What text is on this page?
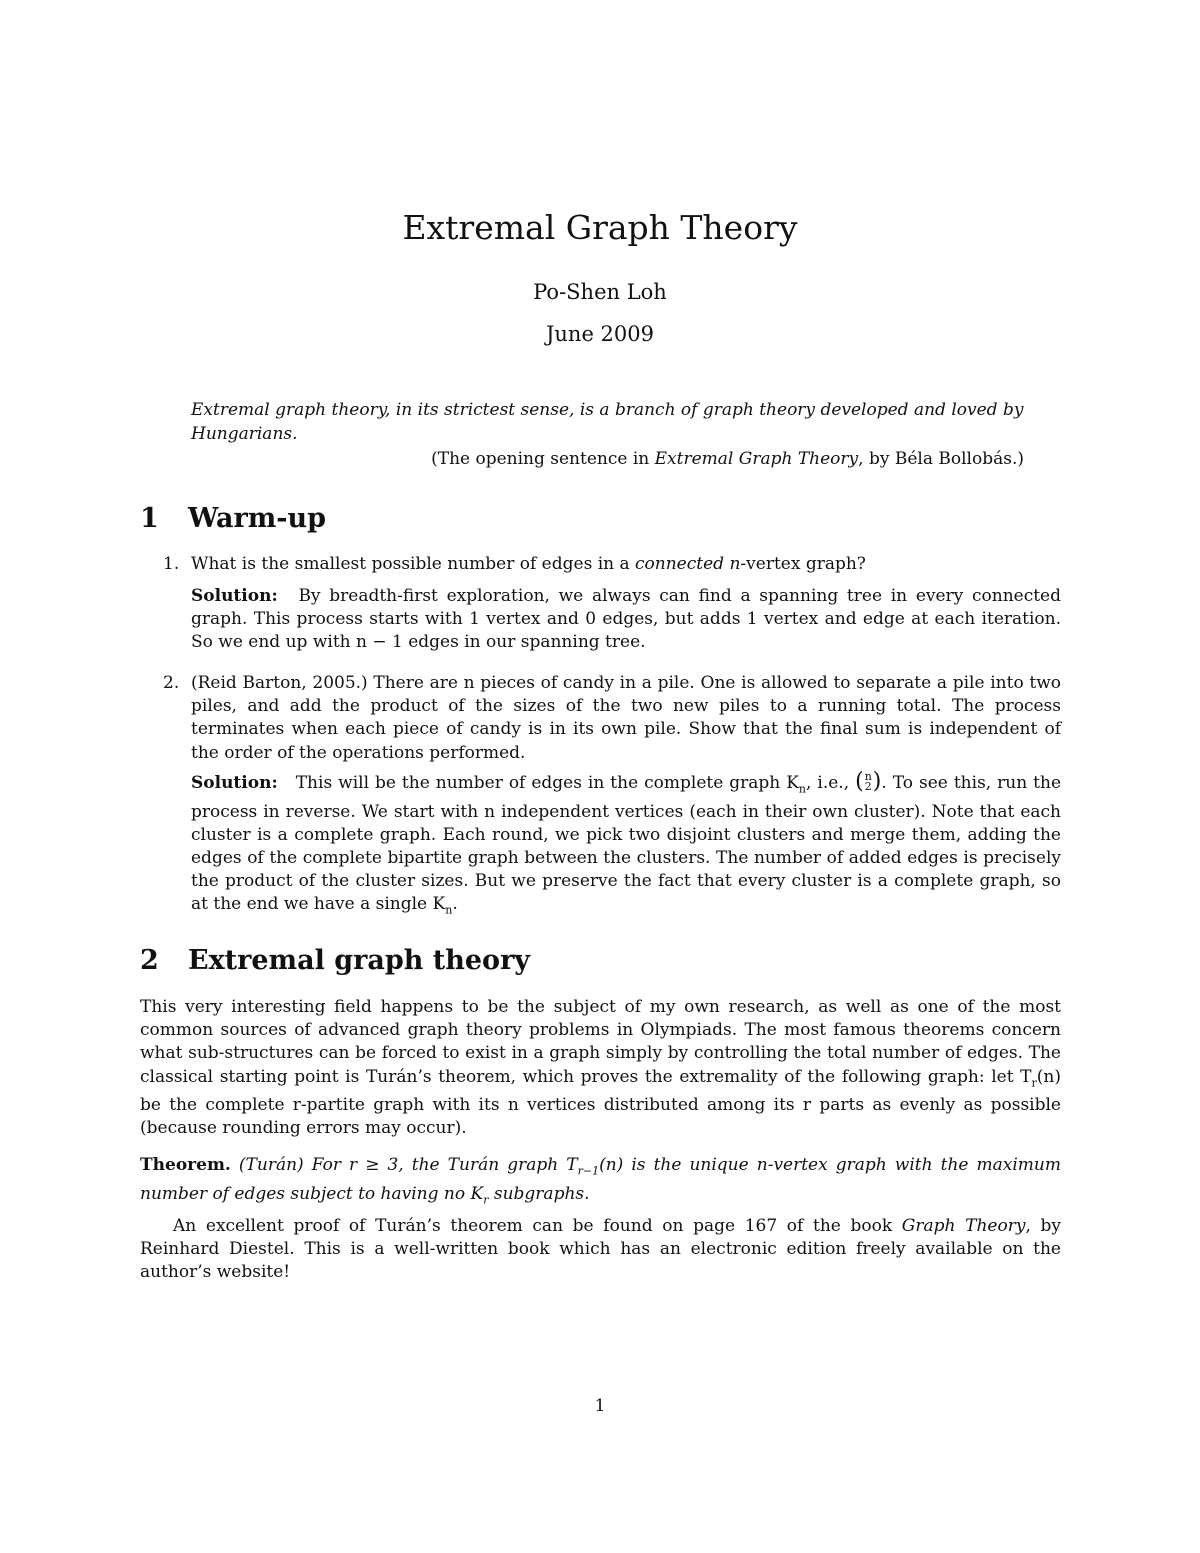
Extremal Graph Theory
Po-Shen Loh
June 2009
Extremal graph theory, in its strictest sense, is a branch of graph theory developed and loved by Hungarians.
(The opening sentence in Extremal Graph Theory, by Béla Bollobás.)
1 Warm-up
1. What is the smallest possible number of edges in a connected n-vertex graph?
Solution: By breadth-first exploration, we always can find a spanning tree in every connected graph. This process starts with 1 vertex and 0 edges, but adds 1 vertex and edge at each iteration. So we end up with n − 1 edges in our spanning tree.
2. (Reid Barton, 2005.) There are n pieces of candy in a pile. One is allowed to separate a pile into two piles, and add the product of the sizes of the two new piles to a running total. The process terminates when each piece of candy is in its own pile. Show that the final sum is independent of the order of the operations performed.
Solution: This will be the number of edges in the complete graph $K_n$, i.e., ( n
2 ) . To see this, run the process in reverse. We start with n independent vertices (each in their own cluster). Note that each cluster is a complete graph. Each round, we pick two disjoint clusters and merge them, adding the edges of the complete bipartite graph between the clusters. The number of added edges is precisely the product of the cluster sizes. But we preserve the fact that every cluster is a complete graph, so at the end we have a single $K_n$.
2 Extremal graph theory
This very interesting field happens to be the subject of my own research, as well as one of the most common sources of advanced graph theory problems in Olympiads. The most famous theorems concern what sub-structures can be forced to exist in a graph simply by controlling the total number of edges. The classical starting point is Turán’s theorem, which proves the extremality of the following graph: let $T_r(n)$ be the complete r-partite graph with its n vertices distributed among its r parts as evenly as possible (because rounding errors may occur).
Theorem. (Turán) For r ≥ 3, the Turán graph $T_{r-1}(n)$ is the unique n-vertex graph with the maximum number of edges subject to having no $K_r$ subgraphs.
An excellent proof of Turán’s theorem can be found on page 167 of the book Graph Theory, by Reinhard Diestel. This is a well-written book which has an electronic edition freely available on the author’s website!
1
